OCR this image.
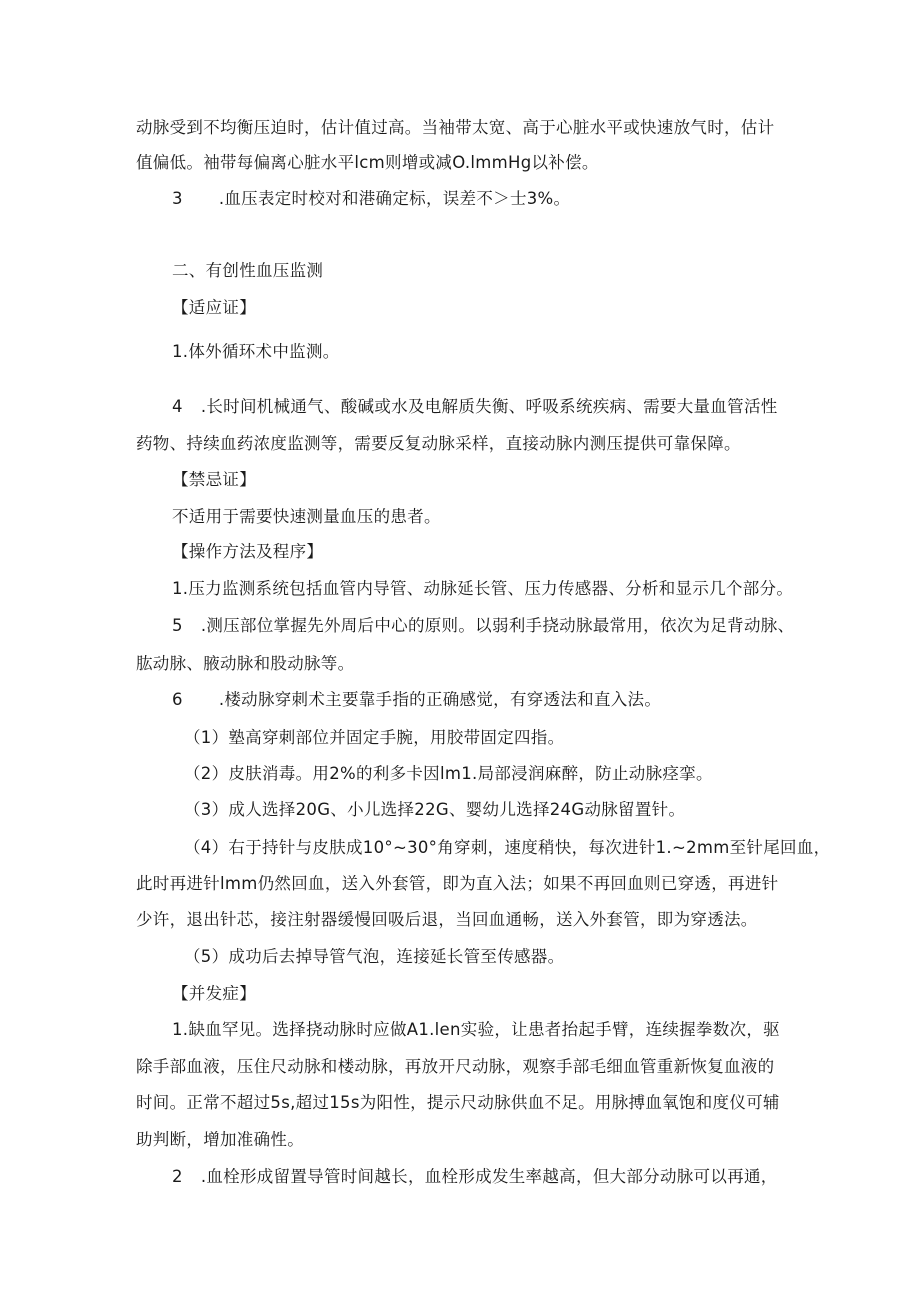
动脉受到不均衡压迫时，估计值过高。当袖带太宽、高于心脏水平或快速放气时，估计
值偏低。袖带每偏离心脏水平lcm则增或减O.lmmHg以补偿。
3 .血压表定时校对和港确定标，误差不＞士3%。
二、有创性血压监测
【适应证】
1.体外循环术中监测。
4 .长时间机械通气、酸碱或水及电解质失衡、呼吸系统疾病、需要大量血管活性
药物、持续血药浓度监测等，需要反复动脉采样，直接动脉内测压提供可靠保障。
【禁忌证】
不适用于需要快速测量血压的患者。
【操作方法及程序】
1.压力监测系统包括血管内导管、动脉延长管、压力传感器、分析和显示几个部分。
5 .测压部位掌握先外周后中心的原则。以弱利手挠动脉最常用，依次为足背动脉、
肱动脉、腋动脉和股动脉等。
6 .楼动脉穿刺术主要靠手指的正确感觉，有穿透法和直入法。
（1）塾高穿刺部位并固定手腕，用胶带固定四指。
（2）皮肤消毒。用2%的利多卡因lm1.局部浸润麻醉，防止动脉痉挛。
（3）成人选择20G、小儿选择22G、婴幼儿选择24G动脉留置针。
（4）右于持针与皮肤成10°~30°角穿刺，速度稍快，每次进针1.~2mm至针尾回血，
此时再进针lmm仍然回血，送入外套管，即为直入法；如果不再回血则已穿透，再进针
少许，退出针芯，接注射器缓慢回吸后退，当回血通畅，送入外套管，即为穿透法。
（5）成功后去掉导管气泡，连接延长管至传感器。
【并发症】
1.缺血罕见。选择挠动脉时应做A1.len实验，让患者抬起手臂，连续握拳数次，驱
除手部血液，压住尺动脉和楼动脉，再放开尺动脉，观察手部毛细血管重新恢复血液的
时间。正常不超过5s,超过15s为阳性，提示尺动脉供血不足。用脉搏血氧饱和度仪可辅
助判断，增加准确性。
2 .血栓形成留置导管时间越长，血栓形成发生率越高，但大部分动脉可以再通，
